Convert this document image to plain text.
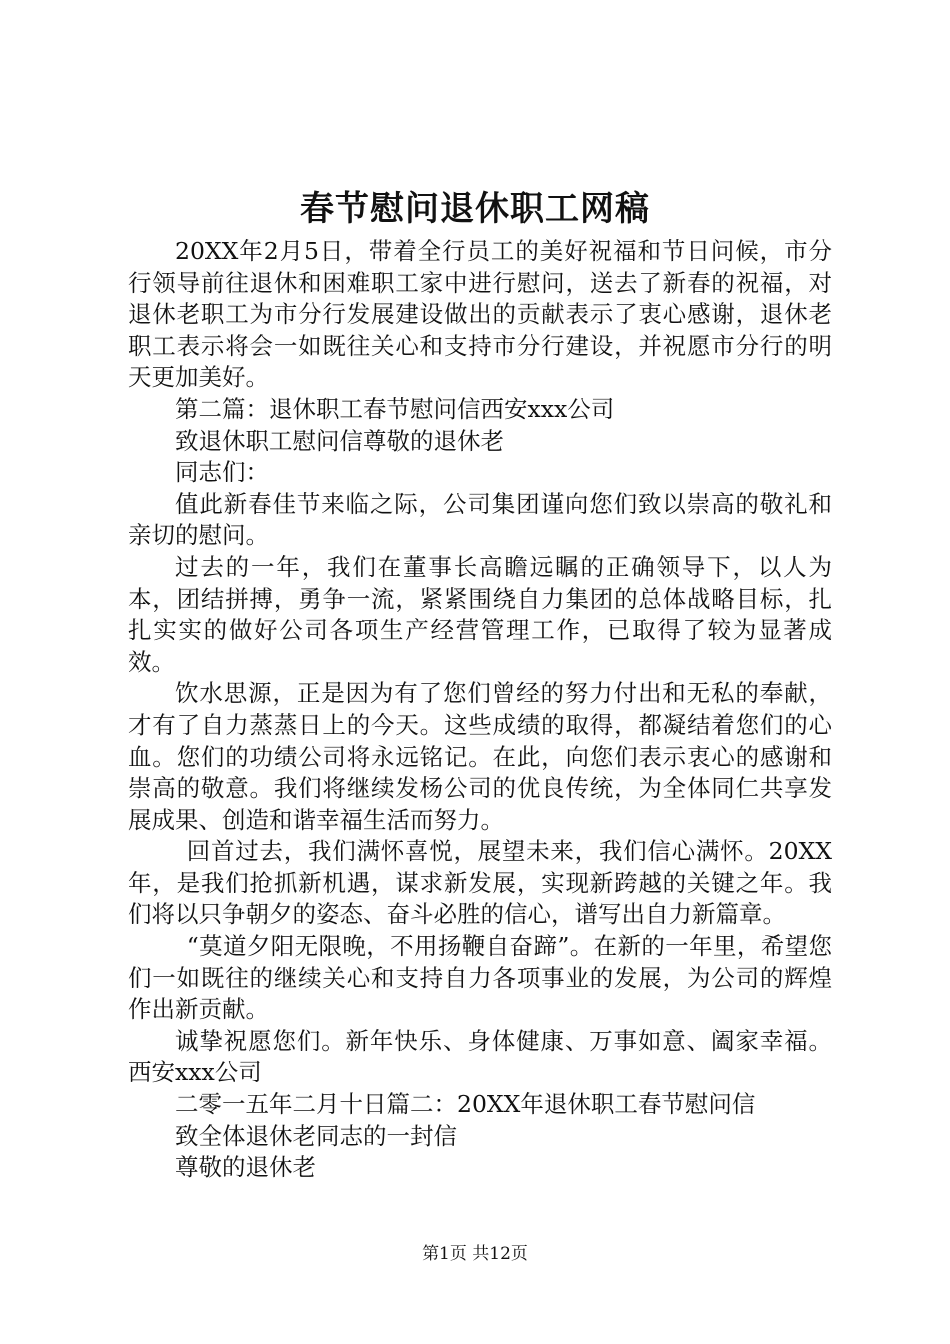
春节慰问退休职工网稿

20XX年2月5日，带着全行员工的美好祝福和节日问候，市分行领导前往退休和困难职工家中进行慰问，送去了新春的祝福，对退休老职工为市分行发展建设做出的贡献表示了衷心感谢，退休老职工表示将会一如既往关心和支持市分行建设，并祝愿市分行的明天更加美好。

第二篇：退休职工春节慰问信西安xxx公司

致退休职工慰问信尊敬的退休老

同志们：

值此新春佳节来临之际，公司集团谨向您们致以崇高的敬礼和亲切的慰问。

过去的一年，我们在董事长高瞻远瞩的正确领导下，以人为本，团结拼搏，勇争一流，紧紧围绕自力集团的总体战略目标，扎扎实实的做好公司各项生产经营管理工作，已取得了较为显著成效。

饮水思源，正是因为有了您们曾经的努力付出和无私的奉献，才有了自力蒸蒸日上的今天。这些成绩的取得，都凝结着您们的心血。您们的功绩公司将永远铭记。在此，向您们表示衷心的感谢和崇高的敬意。我们将继续发杨公司的优良传统，为全体同仁共享发展成果、创造和谐幸福生活而努力。

回首过去，我们满怀喜悦，展望未来，我们信心满怀。20XX年，是我们抢抓新机遇，谋求新发展，实现新跨越的关键之年。我们将以只争朝夕的姿态、奋斗必胜的信心，谱写出自力新篇章。

“莫道夕阳无限晚，不用扬鞭自奋蹄”。在新的一年里，希望您们一如既往的继续关心和支持自力各项事业的发展，为公司的辉煌作出新贡献。

诚挚祝愿您们。新年快乐、身体健康、万事如意、阖家幸福。西安xxx公司

二零一五年二月十日篇二：20XX年退休职工春节慰问信

致全体退休老同志的一封信

尊敬的退休老

第1页 共12页
